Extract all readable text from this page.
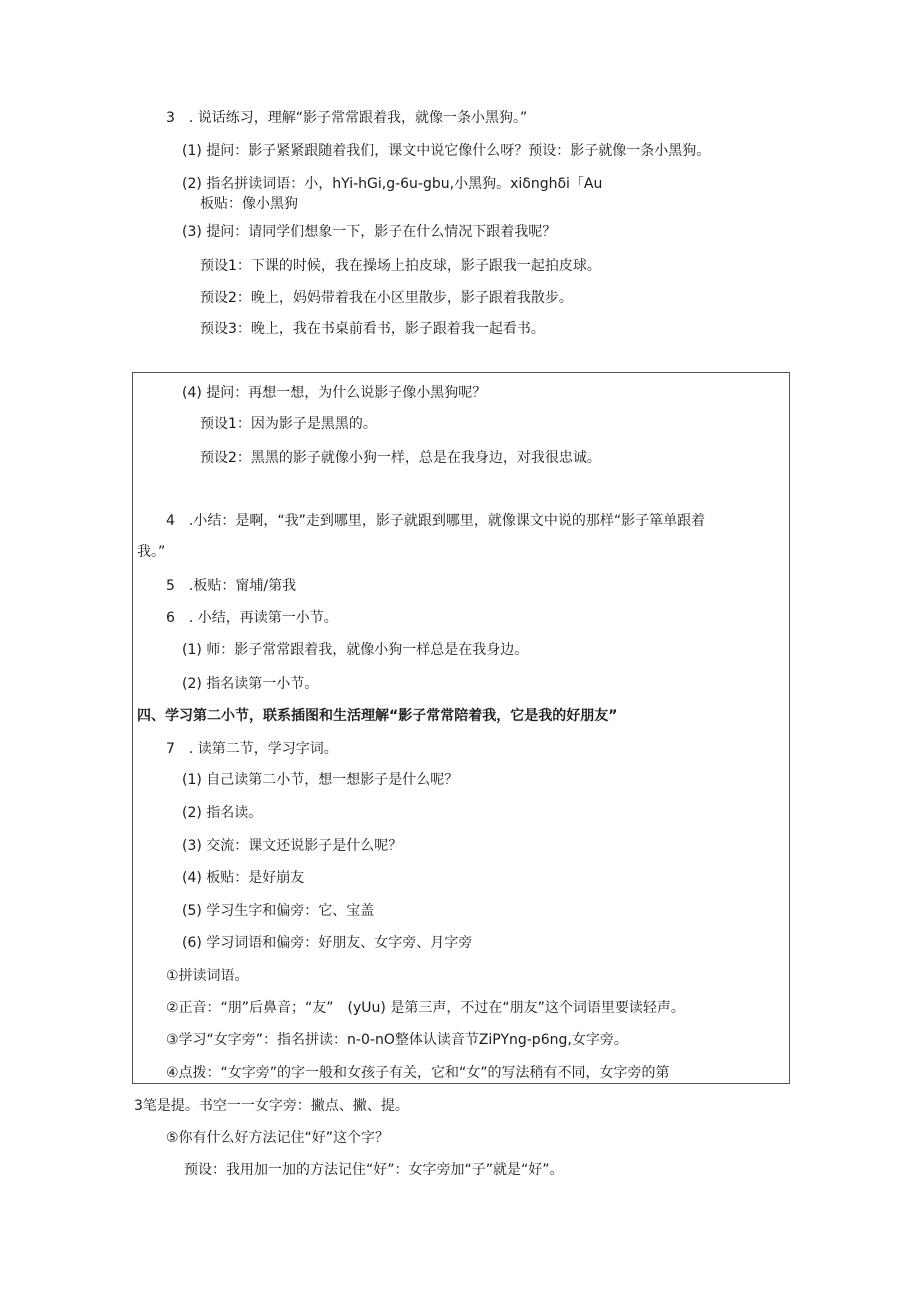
3　. 说话练习，理解“影子常常跟着我，就像一条小黑狗。”
(1) 提问：影子紧紧跟随着我们，课文中说它像什么呀？预设：影子就像一条小黑狗。
(2) 指名拼读词语：小，hYi-hGi,g-6u-gbu,小黑狗。xiδnghδi「Au
板贴：像小黑狗
(3) 提问：请同学们想象一下，影子在什么情况下跟着我呢？
预设1：下课的时候，我在操场上拍皮球，影子跟我一起拍皮球。
预设2：晚上，妈妈带着我在小区里散步，影子跟着我散步。
预设3：晚上，我在书桌前看书，影子跟着我一起看书。
(4) 提问：再想一想，为什么说影子像小黑狗呢？
预设1：因为影子是黑黑的。
预设2：黑黑的影子就像小狗一样，总是在我身边，对我很忠诚。
4　.小结：是啊，“我”走到哪里，影子就跟到哪里，就像课文中说的那样“影子箪单跟着
我。”
5　.板贴：甯埔/第我
6　. 小结，再读第一小节。
(1) 师：影子常常跟着我，就像小狗一样总是在我身边。
(2) 指名读第一小节。
四、学习第二小节，联系插图和生活理解“影子常常陪着我，它是我的好朋友”
7　. 读第二节，学习字词。
(1) 自己读第二小节，想一想影子是什么呢？
(2) 指名读。
(3) 交流：课文还说影子是什么呢？
(4) 板贴：是好崩友
(5) 学习生字和偏旁：它、宝盖
(6) 学习词语和偏旁：好朋友、女字旁、月字旁
①拼读词语。
②正音：“朋”后鼻音；“友”　(yUu) 是第三声，不过在“朋友”这个词语里要读轻声。
③学习“女字旁”：指名拼读：n-0-nO整体认读音节ZiPYng-p6ng,女字旁。
④点拨：“女字旁”的字一般和女孩子有关，它和“女”的写法稍有不同，女字旁的第
3笔是提。书空一一女字旁：撇点、撇、提。
⑤你有什么好方法记住“好”这个字？
预设：我用加一加的方法记住“好”：女字旁加“子”就是“好”。
